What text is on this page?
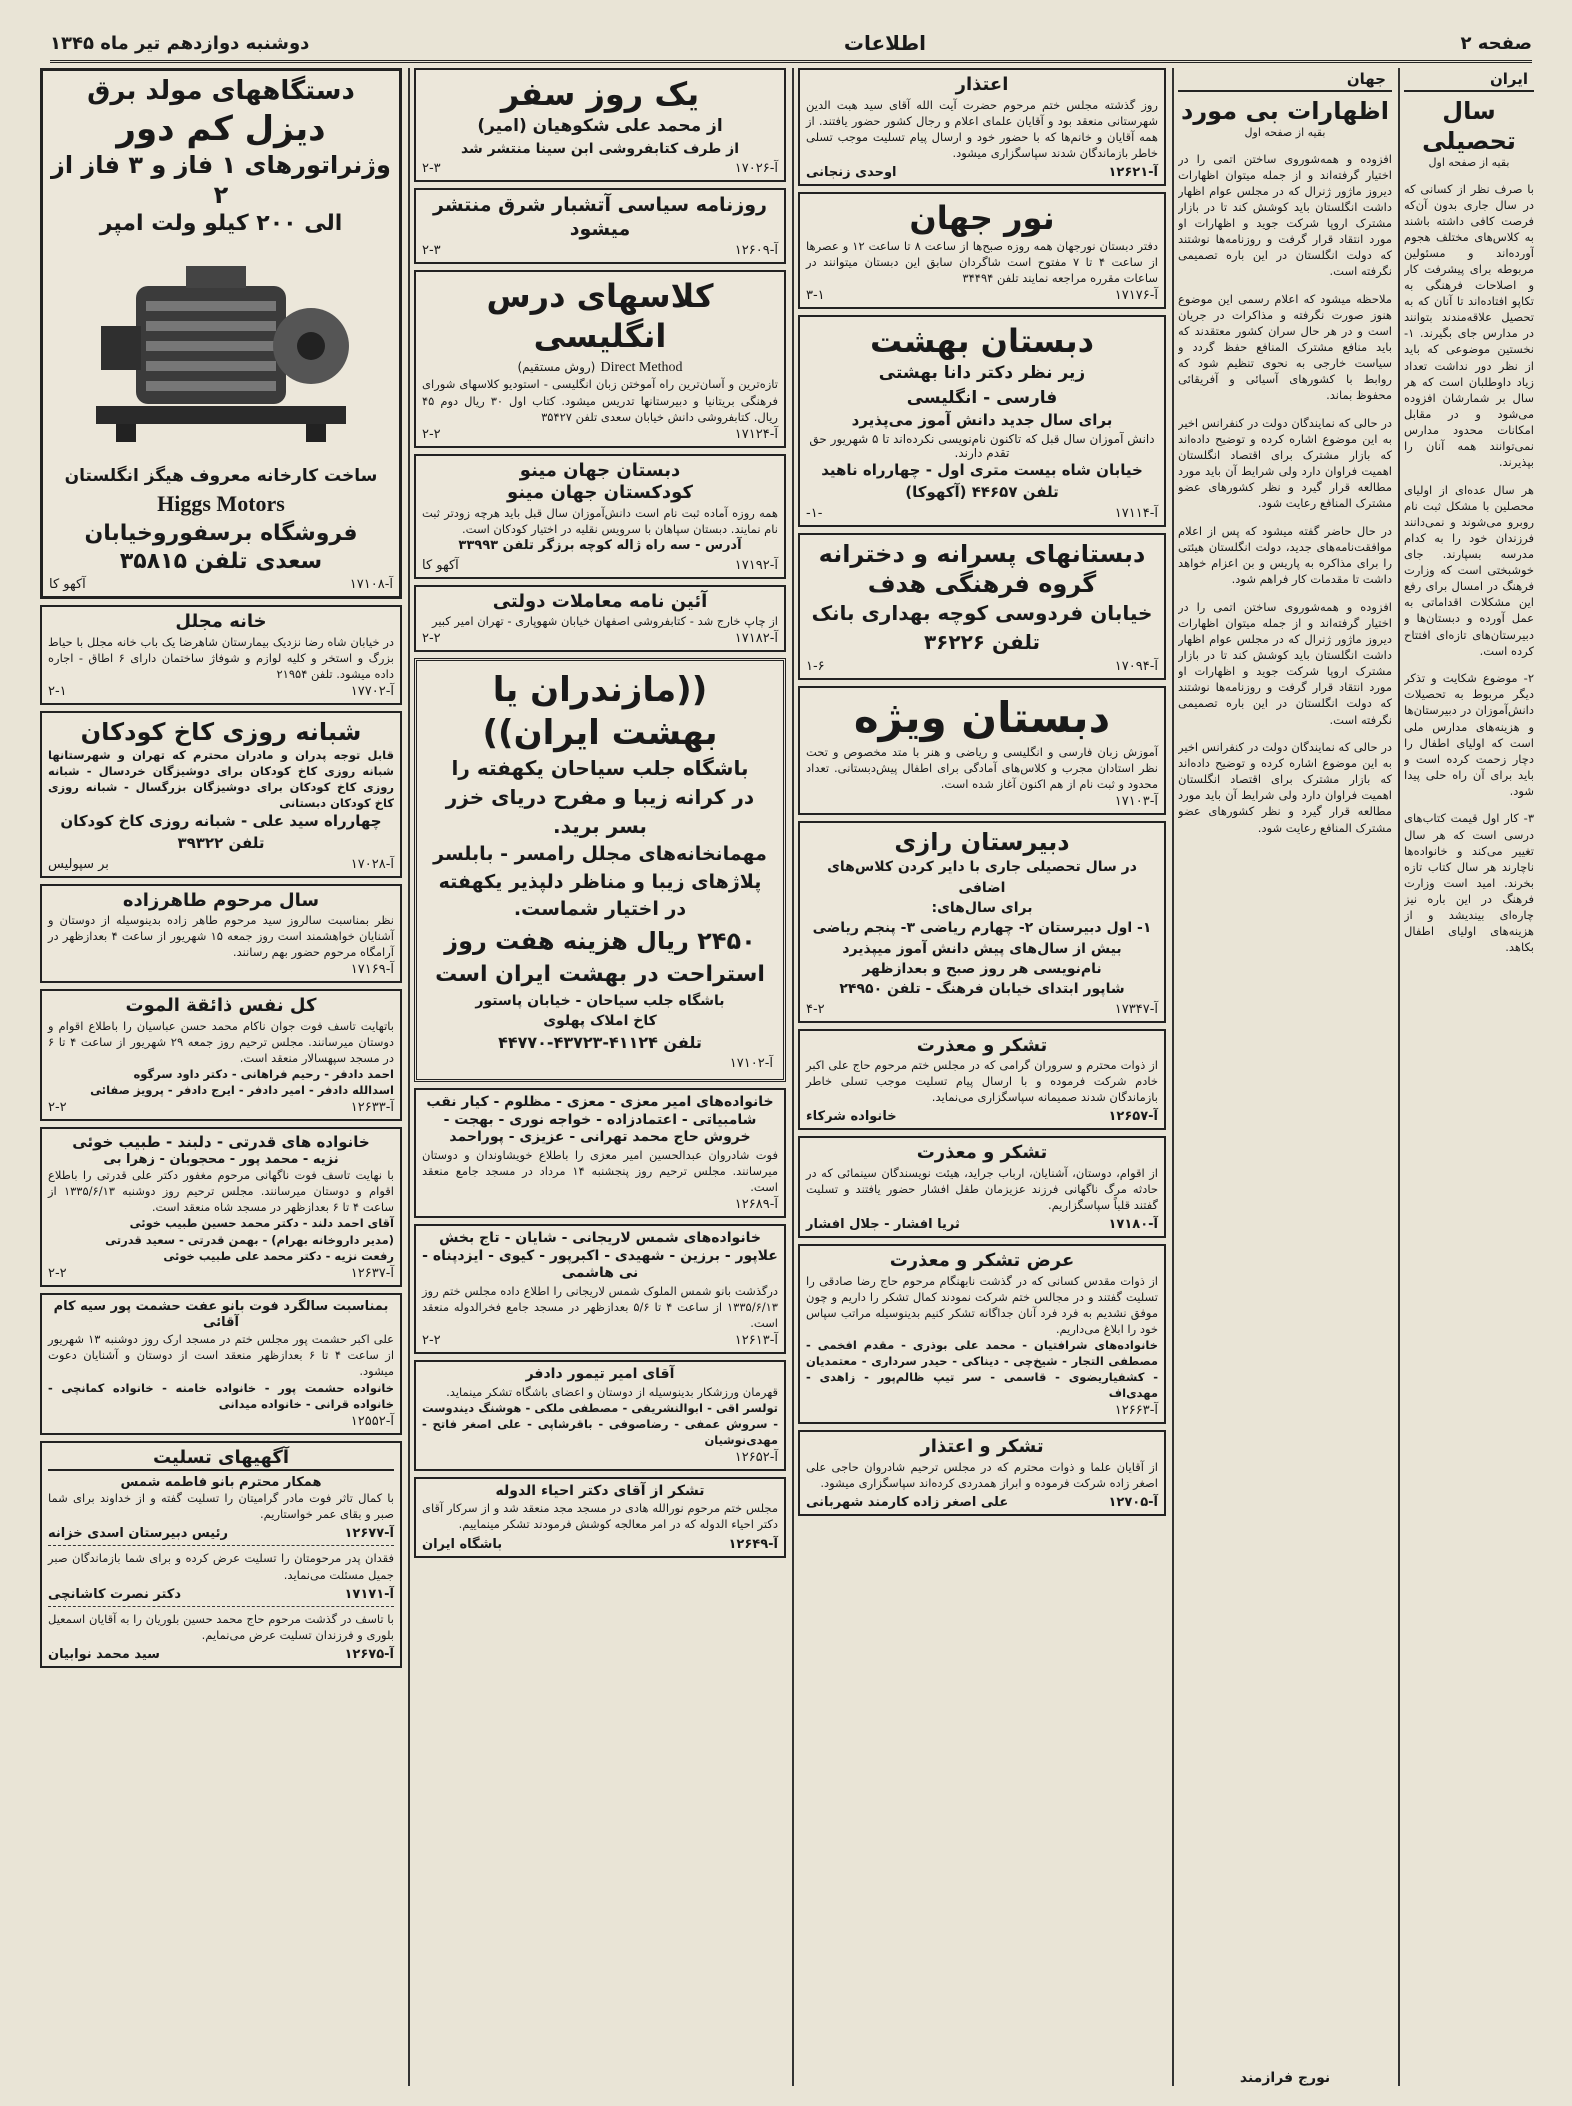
صفحه ۲
اطلاعات
دوشنبه دوازدهم تیر ماه ۱۳۴۵
ایران
سال تحصیلی
بقیه از صفحه اول

با صرف نظر از کسانی که در سال جاری بدون آن‌که فرصت کافی داشته باشند به کلاس‌های مختلف هجوم آورده‌اند و مسئولین مربوطه برای پیشرفت کار و اصلاحات فرهنگی به تکاپو افتاده‌اند تا آنان که به تحصیل علاقه‌مندند بتوانند در مدارس جای بگیرند. ۱- نخستین موضوعی که باید از نظر دور نداشت تعداد زیاد داوطلبان است که هر سال بر شمارشان افزوده می‌شود و در مقابل امکانات محدود مدارس نمی‌توانند همه آنان را بپذیرند.

هر سال عده‌ای از اولیای محصلین با مشکل ثبت نام روبرو می‌شوند و نمی‌دانند فرزندان خود را به کدام مدرسه بسپارند. جای خوشبختی است که وزارت فرهنگ در امسال برای رفع این مشکلات اقداماتی به عمل آورده و دبستان‌ها و دبیرستان‌های تازه‌ای افتتاح کرده است.

۲- موضوع شکایت و تذکر دیگر مربوط به تحصیلات دانش‌آموزان در دبیرستان‌ها و هزینه‌های مدارس ملی است که اولیای اطفال را دچار زحمت کرده است و باید برای آن راه حلی پیدا شود.

۳- کار اول قیمت کتاب‌های درسی است که هر سال تغییر می‌کند و خانواده‌ها ناچارند هر سال کتاب تازه بخرند. امید است وزارت فرهنگ در این باره نیز چاره‌ای بیندیشد و از هزینه‌های اولیای اطفال بکاهد.

جهان
اظهارات بی مورد
بقیه از صفحه اول

افزوده و همه‌شوروی ساختن اتمی را در اختیار گرفته‌اند و از جمله میتوان اظهارات دیروز ماژور ژنرال که در مجلس عوام اظهار داشت انگلستان باید کوشش کند تا در بازار مشترک اروپا شرکت جوید و اظهارات او مورد انتقاد قرار گرفت و روزنامه‌ها نوشتند که دولت انگلستان در این باره تصمیمی نگرفته است.

ملاحظه میشود که اعلام رسمی این موضوع هنوز صورت نگرفته و مذاکرات در جریان است و در هر حال سران کشور معتقدند که باید منافع مشترک المنافع حفظ گردد و سیاست خارجی به نحوی تنظیم شود که روابط با کشورهای آسیائی و آفریقائی محفوظ بماند.

در حالی که نمایندگان دولت در کنفرانس اخیر به این موضوع اشاره کرده و توضیح داده‌اند که بازار مشترک برای اقتصاد انگلستان اهمیت فراوان دارد ولی شرایط آن باید مورد مطالعه قرار گیرد و نظر کشورهای عضو مشترک المنافع رعایت شود.

در حال حاضر گفته میشود که پس از اعلام موافقت‌نامه‌های جدید، دولت انگلستان هیئتی را برای مذاکره به پاریس و بن اعزام خواهد داشت تا مقدمات کار فراهم شود.

افزوده و همه‌شوروی ساختن اتمی را در اختیار گرفته‌اند و از جمله میتوان اظهارات دیروز ماژور ژنرال که در مجلس عوام اظهار داشت انگلستان باید کوشش کند تا در بازار مشترک اروپا شرکت جوید و اظهارات او مورد انتقاد قرار گرفت و روزنامه‌ها نوشتند که دولت انگلستان در این باره تصمیمی نگرفته است.

در حالی که نمایندگان دولت در کنفرانس اخیر به این موضوع اشاره کرده و توضیح داده‌اند که بازار مشترک برای اقتصاد انگلستان اهمیت فراوان دارد ولی شرایط آن باید مورد مطالعه قرار گیرد و نظر کشورهای عضو مشترک المنافع رعایت شود.

نورج فرازمند
اعتذار
روز گذشته مجلس ختم مرحوم حضرت آیت الله آقای سید هبت الدین شهرستانی منعقد بود و آقایان علمای اعلام و رجال کشور حضور یافتند. از همه آقایان و خانم‌ها که با حضور خود و ارسال پیام تسلیت موجب تسلی خاطر بازماندگان شدند سپاسگزاری میشود.
آ-۱۲۶۲۱
اوحدی زنجانی
نور جهان
دفتر دبستان نورجهان همه روزه صبح‌ها از ساعت ۸ تا ساعت ۱۲ و عصرها از ساعت ۴ تا ۷ مفتوح است شاگردان سابق این دبستان میتوانند در ساعات مقرره مراجعه نمایند تلفن ۳۴۴۹۴
آ-۱۷۱۷۶
۳-۱
دبستان بهشت
زیر نظر دکتر دانا بهشتی
فارسی - انگلیسی
برای سال جدید دانش آموز می‌پذیرد
دانش آموزان سال قبل که تاکنون نام‌نویسی نکرده‌اند تا ۵ شهریور حق تقدم دارند.
خیابان شاه بیست متری اول - چهارراه ناهید
تلفن ۴۴۶۵۷ (آکهوکا)
آ-۱۷۱۱۴
-۱-
دبستانهای پسرانه و دخترانه
گروه فرهنگی هدف
خیابان فردوسی کوچه بهداری بانک
تلفن ۳۶۲۲۶
آ-۱۷۰۹۴
۱-۶
دبستان ویژه
آموزش زبان فارسی و انگلیسی و ریاضی و هنر با متد مخصوص و تحت نظر استادان مجرب و کلاس‌های آمادگی برای اطفال پیش‌دبستانی. تعداد محدود و ثبت نام از هم اکنون آغاز شده است.
آ-۱۷۱۰۳
دبیرستان رازی
در سال تحصیلی جاری با دایر کردن کلاس‌های اضافی
برای سال‌های:
۱- اول دبیرستان ۲- چهارم ریاضی ۳- پنجم ریاضی
بیش از سال‌های پیش دانش آموز میپذیرد
نام‌نویسی هر روز صبح و بعدازظهر
شاپور ابتدای خیابان فرهنگ - تلفن ۲۴۹۵۰
آ-۱۷۳۴۷
۴-۲
تشکر و معذرت
از ذوات محترم و سروران گرامی که در مجلس ختم مرحوم حاج علی اکبر خادم شرکت فرموده و با ارسال پیام تسلیت موجب تسلی خاطر بازماندگان شدند صمیمانه سپاسگزاری می‌نماید.
آ-۱۲۶۵۷
خانواده شرکاء
تشکر و معذرت
از اقوام، دوستان، آشنایان، ارباب جراید، هیئت نویسندگان سینمائی که در حادثه مرگ ناگهانی فرزند عزیزمان طفل افشار حضور یافتند و تسلیت گفتند قلباً سپاسگزاریم.
آ-۱۷۱۸۰
ثریا افشار - جلال افشار
عرض تشکر و معذرت
از ذوات مقدس کسانی که در گذشت نابهنگام مرحوم حاج رضا صادقی را تسلیت گفتند و در مجالس ختم شرکت نمودند کمال تشکر را داریم و چون موفق نشدیم به فرد فرد آنان جداگانه تشکر کنیم بدینوسیله مراتب سپاس خود را ابلاغ می‌داریم.
خانواده‌های شرافتیان - محمد علی بوذری - مقدم افخمی - مصطفی التجار - شیخ‌چی - دیناکی - حیدر سرداری - معتمدیان - کشفیاریضوی - قاسمی - سر تیپ ظالم‌پور - زاهدی - مهدی‌اف
آ-۱۲۶۶۳
تشکر و اعتذار
از آقایان علما و ذوات محترم که در مجلس ترحیم شادروان حاجی علی اصغر زاده شرکت فرموده و ابراز همدردی کرده‌اند سپاسگزاری میشود.
آ-۱۲۷۰۵
علی اصغر زاده کارمند شهربانی
یک روز سفر
از محمد علی شکوهیان (امیر)
از طرف کتابفروشی ابن سینا منتشر شد
آ-۱۷۰۲۶
۲-۳
روزنامه سیاسی آتشبار شرق منتشر میشود
آ-۱۲۶۰۹
۲-۳
کلاسهای درس انگلیسی
Direct Method (روش مستقیم)
تازه‌ترین و آسان‌ترین راه آموختن زبان انگلیسی - استودیو کلاسهای شورای فرهنگی بریتانیا و دبیرستانها تدریس میشود. کتاب اول ۳۰ ریال دوم ۴۵ ریال. کتابفروشی دانش خیابان سعدی تلفن ۳۵۴۲۷
آ-۱۷۱۲۴
۲-۲
دبستان جهان مینو
کودکستان جهان مینو
همه روزه آماده ثبت نام است دانش‌آموزان سال قبل باید هرچه زودتر ثبت نام نمایند. دبستان سپاهان با سرویس نقلیه در اختیار کودکان است.
آدرس - سه راه ژاله کوچه برزگر تلفن ۳۳۹۹۳
آ-۱۷۱۹۲
آکهو کا
آئین نامه معاملات دولتی
از چاپ خارج شد - کتابفروشی اصفهان خیابان شهوپاری - تهران امیر کبیر
آ-۱۷۱۸۲
۲-۲
((مازندران یا
بهشت ایران))
باشگاه جلب سیاحان یکهفته را
در کرانه زیبا و مفرح دریای خزر
بسر برید.
مهمانخانه‌های مجلل رامسر - بابلسر
پلاژهای زیبا و مناظر دلپذیر یکهفته
در اختیار شماست.
۲۴۵۰ ریال هزینه هفت روز
استراحت در بهشت ایران است
باشگاه جلب سیاحان - خیابان پاستور
کاخ املاک پهلوی
تلفن ۴۱۱۲۴-۴۳۷۲۳-۴۴۷۷۰
آ-۱۷۱۰۲
خانواده‌های امیر معزی - معزی - مظلوم - کیار نقب شامبیاتی - اعتمادزاده - خواجه نوری - بهجت - خروش حاج محمد تهرانی - عزیزی - پوراحمد
فوت شادروان عبدالحسین امیر معزی را باطلاع خویشاوندان و دوستان میرسانند. مجلس ترحیم روز پنجشنبه ۱۴ مرداد در مسجد جامع منعقد است.
آ-۱۲۶۸۹
خانواده‌های شمس لاریجانی - شایان - تاج بخش علاپور - برزین - شهیدی - اکبرپور - کیوی - ایزدپناه - نی هاشمی
درگذشت بانو شمس الملوک شمس لاریجانی را اطلاع داده مجلس ختم روز ۱۳۳۵/۶/۱۳ از ساعت ۴ تا ۵/۶ بعدازظهر در مسجد جامع فخرالدوله منعقد است.
آ-۱۲۶۱۳
۲-۲
آقای امیر تیمور دادفر
قهرمان ورزشکار بدینوسیله از دوستان و اعضای باشگاه تشکر مینماید.
تولسر اقی - ابوالنشریفی - مصطفی ملکی - هوشنگ دیندوست - سروش عمفی - رضاصوفی - باقرشاپی - علی اصغر فاتح - مهدی‌نوشیان
آ-۱۲۶۵۲
تشکر از آقای دکتر احیاء الدوله
مجلس ختم مرحوم نورالله هادی در مسجد مجد منعقد شد و از سرکار آقای دکتر احیاء الدوله که در امر معالجه کوشش فرمودند تشکر مینماییم.
آ-۱۲۶۴۹
باشگاه ایران
دستگاههای مولد برق
دیزل کم دور
وژنراتورهای ۱ فاز و ۳ فاز از ۲
الی ۲۰۰ کیلو ولت امپر
ساخت کارخانه معروف هیگز انگلستان
Higgs Motors
فروشگاه برسفوروخیابان سعدی تلفن ۳۵۸۱۵
آ-۱۷۱۰۸
آکهو کا
خانه مجلل
در خیابان شاه رضا نزدیک بیمارستان شاهرضا یک باب خانه مجلل با حیاط بزرگ و استخر و کلیه لوازم و شوفاژ ساختمان دارای ۶ اطاق - اجاره داده میشود. تلفن ۲۱۹۵۴
آ-۱۷۷۰۲
۲-۱
شبانه روزی کاخ کودکان
قابل توجه پدران و مادران محترم که تهران و شهرستانها شبانه روزی کاخ کودکان برای دوشیزگان خردسال - شبانه روزی کاخ کودکان برای دوشیزگان بزرگسال - شبانه روزی کاخ کودکان دبستانی
چهارراه سید علی - شبانه روزی کاخ کودکان تلفن ۳۹۳۲۲
آ-۱۷۰۲۸
بر سپولیس
سال مرحوم طاهرزاده
نظر بمناسبت سالروز سید مرحوم طاهر زاده بدینوسیله از دوستان و آشنایان خواهشمند است روز جمعه ۱۵ شهریور از ساعت ۴ بعدازظهر در آرامگاه مرحوم حضور بهم رسانند.
آ-۱۷۱۶۹
کل نفس ذائقة الموت
باتهایت تاسف فوت جوان ناکام محمد حسن عباسیان را باطلاع اقوام و دوستان میرسانند. مجلس ترحیم روز جمعه ۲۹ شهریور از ساعت ۴ تا ۶ در مسجد سپهسالار منعقد است.
احمد دادفر - رحیم فراهانی - دکتر داود سرگوه
اسدالله دادفر - امیر دادفر - ایرج دادفر - پرویز صفائی
آ-۱۲۶۳۳
۲-۲
خانواده های قدرتی - دلبند - طبیب خوئی
نزیه - محمد پور - محجوبان - زهرا بی
با نهایت تاسف فوت ناگهانی مرحوم مغفور دکتر علی قدرتی را باطلاع اقوام و دوستان میرسانند. مجلس ترحیم روز دوشنبه ۱۳۳۵/۶/۱۳ از ساعت ۴ تا ۶ بعدازظهر در مسجد شاه منعقد است.
آقای احمد دلند - دکتر محمد حسین طبیب خوئی
(مدیر داروخانه بهرام) - بهمن قدرتی - سعید قدرتی
رفعت نزیه - دکتر محمد علی طبیب خوئی
آ-۱۲۶۳۷
۲-۲
بمناسبت سالگرد فوت بانو عفت حشمت پور سیه کام آقائی
علی اکبر حشمت پور مجلس ختم در مسجد ارک روز دوشنبه ۱۳ شهریور از ساعت ۴ تا ۶ بعدازظهر منعقد است از دوستان و آشنایان دعوت میشود.
خانواده حشمت پور - خانواده خامنه - خانواده کمانچی - خانواده قرانی - خانواده میدانی
آ-۱۲۵۵۲
آگهیهای تسلیت
همکار محترم بانو فاطمه شمس
با کمال تاثر فوت مادر گرامیتان را تسلیت گفته و از خداوند برای شما صبر و بقای عمر خواستاریم.
آ-۱۲۶۷۷
رئیس دبیرستان اسدی خزانه
فقدان پدر مرحومتان را تسلیت عرض کرده و برای شما بازماندگان صبر جمیل مسئلت می‌نماید.
آ-۱۷۱۷۱
دکتر نصرت کاشانچی
با تاسف در گذشت مرحوم حاج محمد حسین بلوریان را به آقایان اسمعیل بلوری و فرزندان تسلیت عرض می‌نمایم.
آ-۱۲۶۷۵
سید محمد نوابیان
